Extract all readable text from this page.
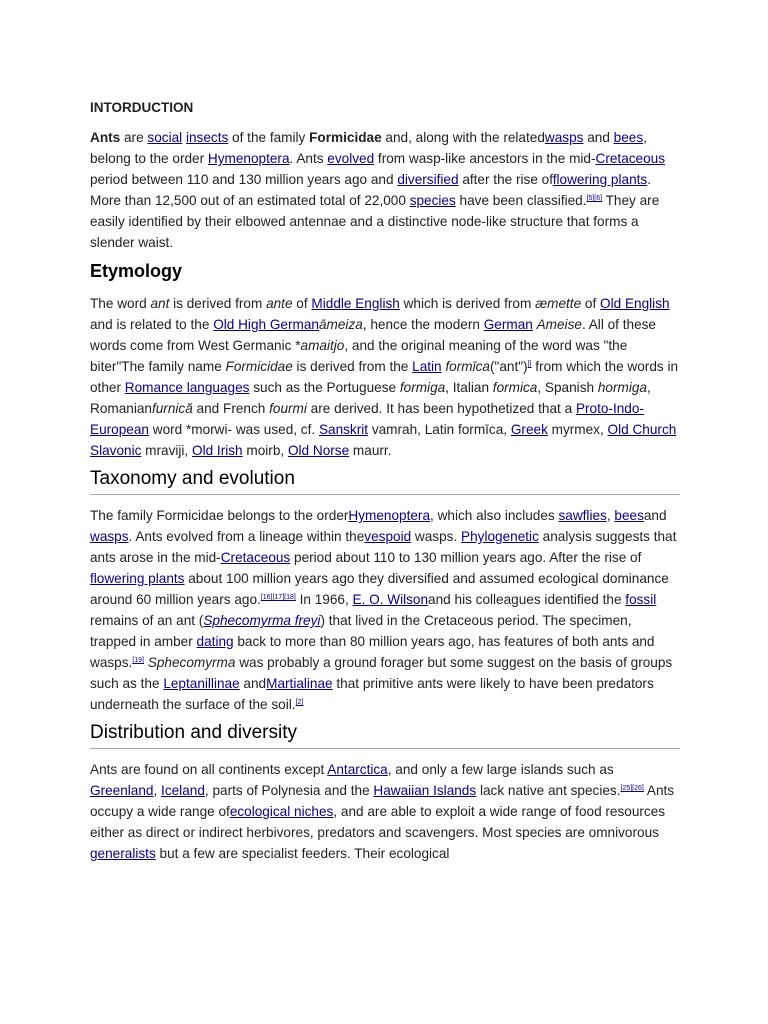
INTORDUCTION

Ants are social insects of the family Formicidae and, along with the relatedwasps and bees, belong to the order Hymenoptera. Ants evolved from wasp-like ancestors in the mid-Cretaceous period between 110 and 130 million years ago and diversified after the rise offlowering plants. More than 12,500 out of an estimated total of 22,000 species have been classified.[5][6] They are easily identified by their elbowed antennae and a distinctive node-like structure that forms a slender waist.

Etymology

The word ant is derived from ante of Middle English which is derived from æmette of Old English and is related to the Old High Germanāmeiza, hence the modern German Ameise. All of these words come from West Germanic *amaitjo, and the original meaning of the word was "the biter"The family name Formicidae is derived from the Latin formīca("ant")[] from which the words in other Romance languages such as the Portuguese formiga, Italian formica, Spanish hormiga, Romanianfurnică and French fourmi are derived. It has been hypothetized that a Proto-Indo-European word *morwi- was used, cf. Sanskrit vamrah, Latin formīca, Greek myrmex, Old Church Slavonic mraviji, Old Irish moirb, Old Norse maurr.

Taxonomy and evolution

The family Formicidae belongs to the orderHymenoptera, which also includes sawflies, beesand wasps. Ants evolved from a lineage within thevespoid wasps. Phylogenetic analysis suggests that ants arose in the mid-Cretaceous period about 110 to 130 million years ago. After the rise of flowering plants about 100 million years ago they diversified and assumed ecological dominance around 60 million years ago.[16][17][18] In 1966, E. O. Wilsonand his colleagues identified the fossil remains of an ant (Sphecomyrma freyi) that lived in the Cretaceous period. The specimen, trapped in amber dating back to more than 80 million years ago, has features of both ants and wasps.[19] Sphecomyrma was probably a ground forager but some suggest on the basis of groups such as the Leptanillinae andMartialinae that primitive ants were likely to have been predators underneath the surface of the soil.[2]

Distribution and diversity

Ants are found on all continents except Antarctica, and only a few large islands such as Greenland, Iceland, parts of Polynesia and the Hawaiian Islands lack native ant species.[25][26] Ants occupy a wide range ofecological niches, and are able to exploit a wide range of food resources either as direct or indirect herbivores, predators and scavengers. Most species are omnivorous generalists but a few are specialist feeders. Their ecological
